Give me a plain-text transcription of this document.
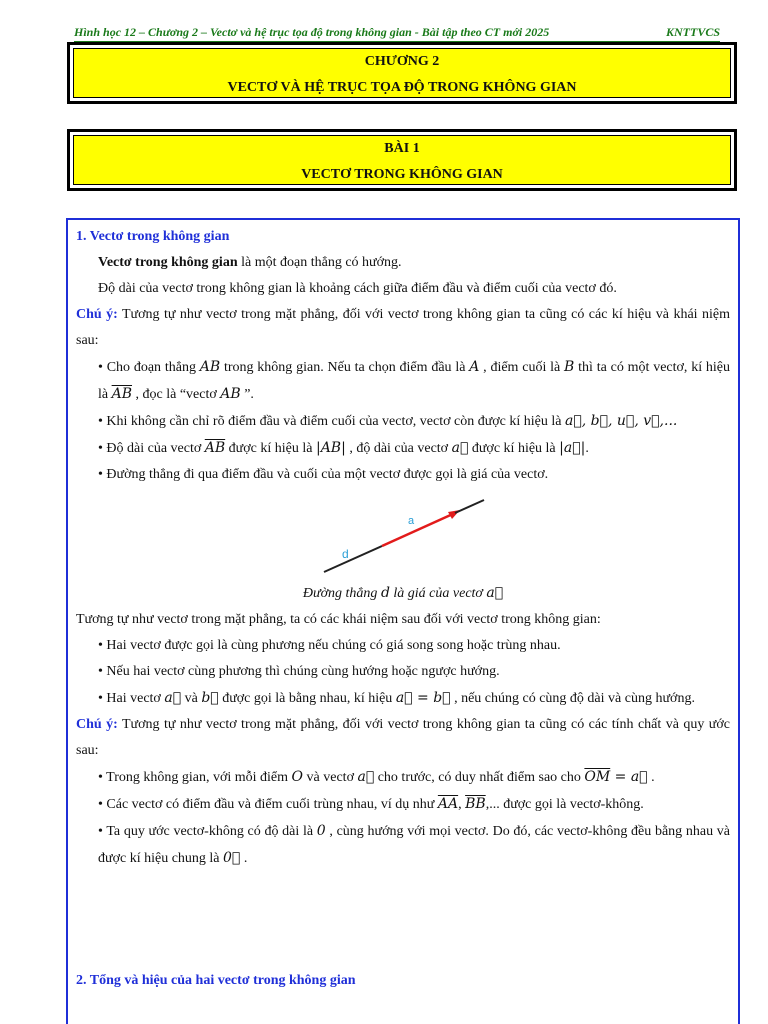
Hình học 12 – Chương 2 – Vectơ và hệ trục tọa độ trong không gian - Bài tập theo CT mới 2025	KNTTVCS
CHƯƠNG 2
VECTƠ VÀ HỆ TRỤC TỌA ĐỘ TRONG KHÔNG GIAN
BÀI 1
VECTƠ TRONG KHÔNG GIAN

1. Vectơ trong không gian

Vectơ trong không gian là một đoạn thẳng có hướng.

Độ dài của vectơ trong không gian là khoảng cách giữa điểm đầu và điểm cuối của vectơ đó.

Chú ý: Tương tự như vectơ trong mặt phẳng, đối với vectơ trong không gian ta cũng có các kí hiệu và khái niệm sau:

• Cho đoạn thẳng AB trong không gian. Nếu ta chọn điểm đầu là A , điểm cuối là B thì ta có một vectơ, kí hiệu là $\overline{AB}$ , đọc là “vectơ AB ”.

• Khi không cần chỉ rõ điểm đầu và điểm cuối của vectơ, vectơ còn được kí hiệu là a⃗, b⃗, u⃗, v⃗,...

• Độ dài của vectơ $\overline{AB}$ được kí hiệu là |AB| , độ dài của vectơ a⃗ được kí hiệu là |a⃗|.

• Đường thẳng đi qua điểm đầu và cuối của một vectơ được gọi là giá của vectơ.

a
d

Đường thẳng d là giá của vectơ a⃗

Tương tự như vectơ trong mặt phẳng, ta có các khái niệm sau đối với vectơ trong không gian:

• Hai vectơ được gọi là cùng phương nếu chúng có giá song song hoặc trùng nhau.

• Nếu hai vectơ cùng phương thì chúng cùng hướng hoặc ngược hướng.

• Hai vectơ a⃗ và b⃗ được gọi là bằng nhau, kí hiệu a⃗ = b⃗ , nếu chúng có cùng độ dài và cùng hướng.

Chú ý: Tương tự như vectơ trong mặt phẳng, đối với vectơ trong không gian ta cũng có các tính chất và quy ước sau:

• Trong không gian, với mỗi điểm O và vectơ a⃗ cho trước, có duy nhất điểm sao cho $\overline{OM}$ = a⃗ .

• Các vectơ có điểm đầu và điểm cuối trùng nhau, ví dụ như $\overline{AA}$, $\overline{BB}$,... được gọi là vectơ-không.

• Ta quy ước vectơ-không có độ dài là 0 , cùng hướng với mọi vectơ. Do đó, các vectơ-không đều bằng nhau và được kí hiệu chung là 0⃗ .

2. Tổng và hiệu của hai vectơ trong không gian
